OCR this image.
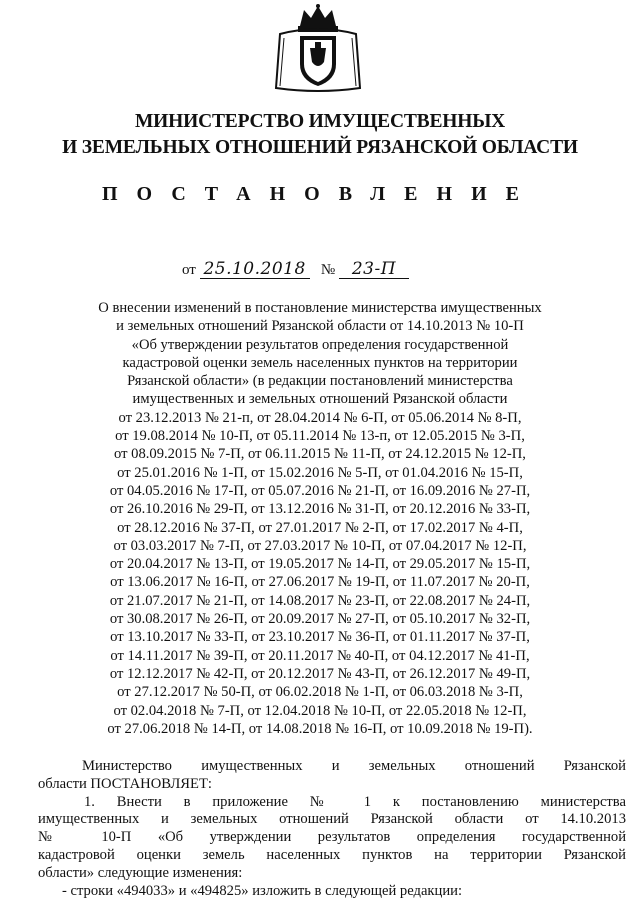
МИНИСТЕРСТВО ИМУЩЕСТВЕННЫХ
И ЗЕМЕЛЬНЫХ ОТНОШЕНИЙ РЯЗАНСКОЙ ОБЛАСТИ
ПОСТАНОВЛЕНИЕ
от 25.10.2018 № 23-П
О внесении изменений в постановление министерства имущественных
и земельных отношений Рязанской области от 14.10.2013 № 10-П
«Об утверждении результатов определения государственной
кадастровой оценки земель населенных пунктов на территории
Рязанской области» (в редакции постановлений министерства
имущественных и земельных отношений Рязанской области
от 23.12.2013 № 21-п, от 28.04.2014 № 6-П, от 05.06.2014 № 8-П,
от 19.08.2014 № 10-П, от 05.11.2014 № 13-п, от 12.05.2015 № 3-П,
от 08.09.2015 № 7-П, от 06.11.2015 № 11-П, от 24.12.2015 № 12-П,
от 25.01.2016 № 1-П, от 15.02.2016 № 5-П, от 01.04.2016 № 15-П,
от 04.05.2016 № 17-П, от 05.07.2016 № 21-П, от 16.09.2016 № 27-П,
от 26.10.2016 № 29-П, от 13.12.2016 № 31-П, от 20.12.2016 № 33-П,
от 28.12.2016 № 37-П, от 27.01.2017 № 2-П, от 17.02.2017 № 4-П,
от 03.03.2017 № 7-П, от 27.03.2017 № 10-П, от 07.04.2017 № 12-П,
от 20.04.2017 № 13-П, от 19.05.2017 № 14-П, от 29.05.2017 № 15-П,
от 13.06.2017 № 16-П, от 27.06.2017 № 19-П, от 11.07.2017 № 20-П,
от 21.07.2017 № 21-П, от 14.08.2017 № 23-П, от 22.08.2017 № 24-П,
от 30.08.2017 № 26-П, от 20.09.2017 № 27-П, от 05.10.2017 № 32-П,
от 13.10.2017 № 33-П, от 23.10.2017 № 36-П, от 01.11.2017 № 37-П,
от 14.11.2017 № 39-П, от 20.11.2017 № 40-П, от 04.12.2017 № 41-П,
от 12.12.2017 № 42-П, от 20.12.2017 № 43-П, от 26.12.2017 № 49-П,
от 27.12.2017 № 50-П, от 06.02.2018 № 1-П, от 06.03.2018 № 3-П,
от 02.04.2018 № 7-П, от 12.04.2018 № 10-П, от 22.05.2018 № 12-П,
от 27.06.2018 № 14-П, от 14.08.2018 № 16-П, от 10.09.2018 № 19-П).
Министерство имущественных и земельных отношений Рязанской
области ПОСТАНОВЛЯЕТ:
1. Внести в приложение № 1 к постановлению министерства
имущественных и земельных отношений Рязанской области от 14.10.2013
№ 10-П «Об утверждении результатов определения государственной
кадастровой оценки земель населенных пунктов на территории Рязанской
области» следующие изменения:
- строки «494033» и «494825» изложить в следующей редакции:
